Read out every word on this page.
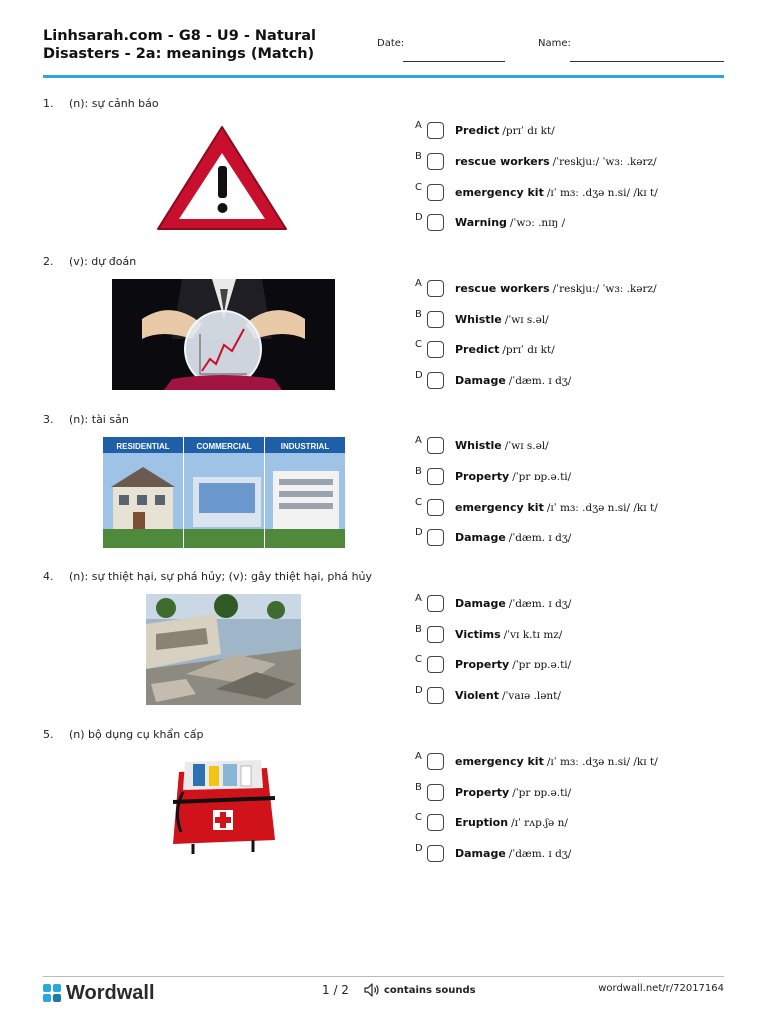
Linhsarah.com - G8 - U9 - Natural
Disasters - 2a: meanings (Match)
Date:	Name:
1. (n): sự cảnh báo
A	Predict /prɪˈ dɪ kt/
B	rescue workers /ˈreskjuː/ ˈwɜː .kərz/
C	emergency kit /ɪˈ mɜː .dʒə n.si/ /kɪ t/
D	Warning /ˈwɔː .nɪŋ /
2. (v): dự đoán
A	rescue workers /ˈreskjuː/ ˈwɜː .kərz/
B	Whistle /ˈwɪ s.əl/
C	Predict /prɪˈ dɪ kt/
D	Damage /ˈdæm. ɪ dʒ/
3. (n): tài sản
RESIDENTIAL	COMMERCIAL	INDUSTRIAL
A	Whistle /ˈwɪ s.əl/
B	Property /ˈpr ɒp.ə.ti/
C	emergency kit /ɪˈ mɜː .dʒə n.si/ /kɪ t/
D	Damage /ˈdæm. ɪ dʒ/
4. (n): sự thiệt hại, sự phá hủy; (v): gây thiệt hại, phá hủy
A	Damage /ˈdæm. ɪ dʒ/
B	Victims /ˈvɪ k.tɪ mz/
C	Property /ˈpr ɒp.ə.ti/
D	Violent /ˈvaɪə .lənt/
5. (n) bộ dụng cụ khẩn cấp
A	emergency kit /ɪˈ mɜː .dʒə n.si/ /kɪ t/
B	Property /ˈpr ɒp.ə.ti/
C	Eruption /ɪˈ rʌp.ʃə n/
D	Damage /ˈdæm. ɪ dʒ/
Wordwall	1 / 2	contains sounds	wordwall.net/r/72017164
